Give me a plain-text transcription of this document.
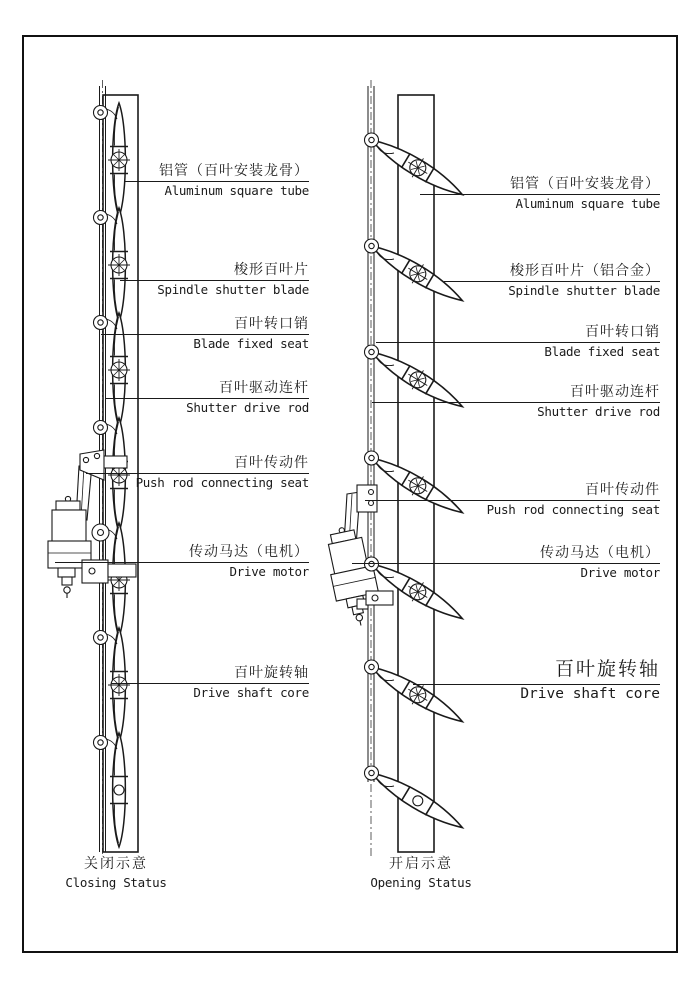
铝管（百叶安装龙骨）
Aluminum square tube
梭形百叶片
Spindle shutter blade
百叶转口销
Blade fixed seat
百叶驱动连杆
Shutter drive rod
百叶传动件
Push rod connecting seat
传动马达（电机）
Drive motor
百叶旋转轴
Drive shaft core
铝管（百叶安装龙骨）
Aluminum square tube
梭形百叶片（铝合金）
Spindle shutter blade
百叶转口销
Blade fixed seat
百叶驱动连杆
Shutter drive rod
百叶传动件
Push rod connecting seat
传动马达（电机）
Drive motor
百叶旋转轴
Drive shaft core
关闭示意
Closing Status
开启示意
Opening Status
